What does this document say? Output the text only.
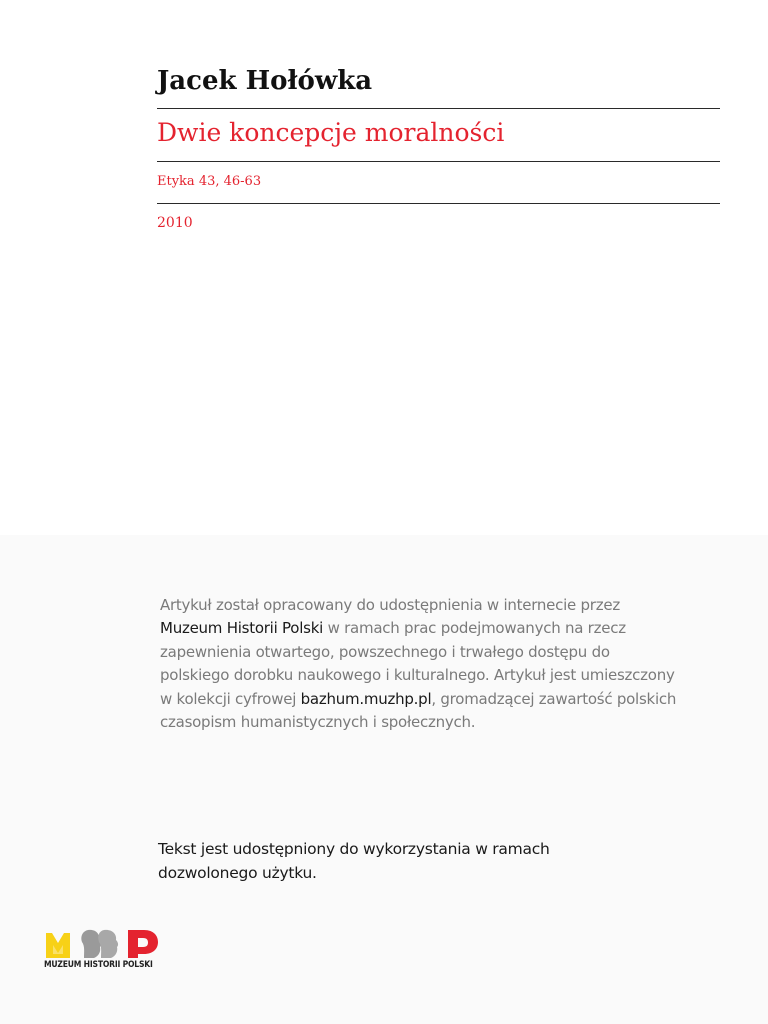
Jacek Hołówka
Dwie koncepcje moralności
Etyka 43, 46-63
2010
Artykuł został opracowany do udostępnienia w internecie przez
Muzeum Historii Polski w ramach prac podejmowanych na rzecz
zapewnienia otwartego, powszechnego i trwałego dostępu do
polskiego dorobku naukowego i kulturalnego. Artykuł jest umieszczony
w kolekcji cyfrowej bazhum.muzhp.pl, gromadzącej zawartość polskich
czasopism humanistycznych i społecznych.
Tekst jest udostępniony do wykorzystania w ramach
dozwolonego użytku.
MUZEUM HISTORII POLSKI
